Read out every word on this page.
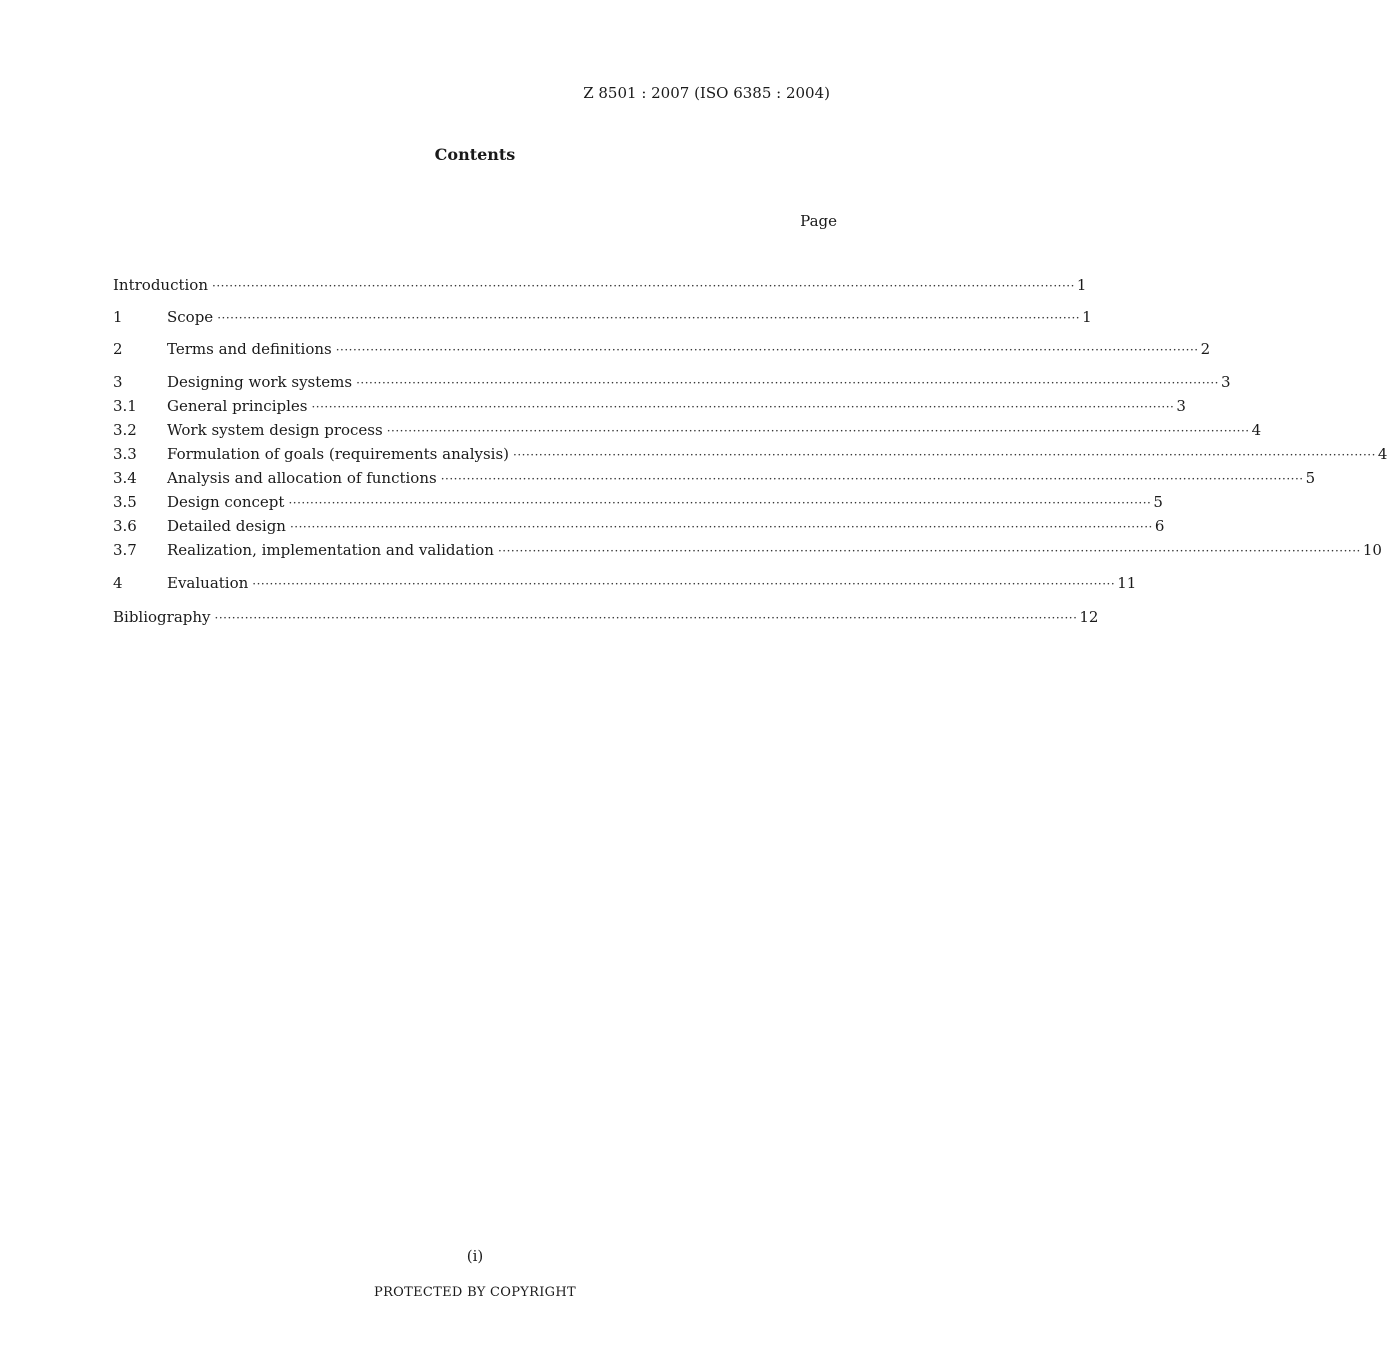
Z 8501 : 2007 (ISO 6385 : 2004)
Contents
Page
Introduction ········································································································································································································ 1
1	Scope ········································································································································································································ 1
2	Terms and definitions ········································································································································································································ 2
3	Designing work systems ········································································································································································································ 3
3.1	General principles ········································································································································································································ 3
3.2	Work system design process ········································································································································································································ 4
3.3	Formulation of goals (requirements analysis) ········································································································································································································ 4
3.4	Analysis and allocation of functions ········································································································································································································ 5
3.5	Design concept ········································································································································································································ 5
3.6	Detailed design ········································································································································································································ 6
3.7	Realization, implementation and validation ········································································································································································································ 10
4	Evaluation ········································································································································································································ 11
Bibliography ········································································································································································································ 12
(i)
PROTECTED BY COPYRIGHT
